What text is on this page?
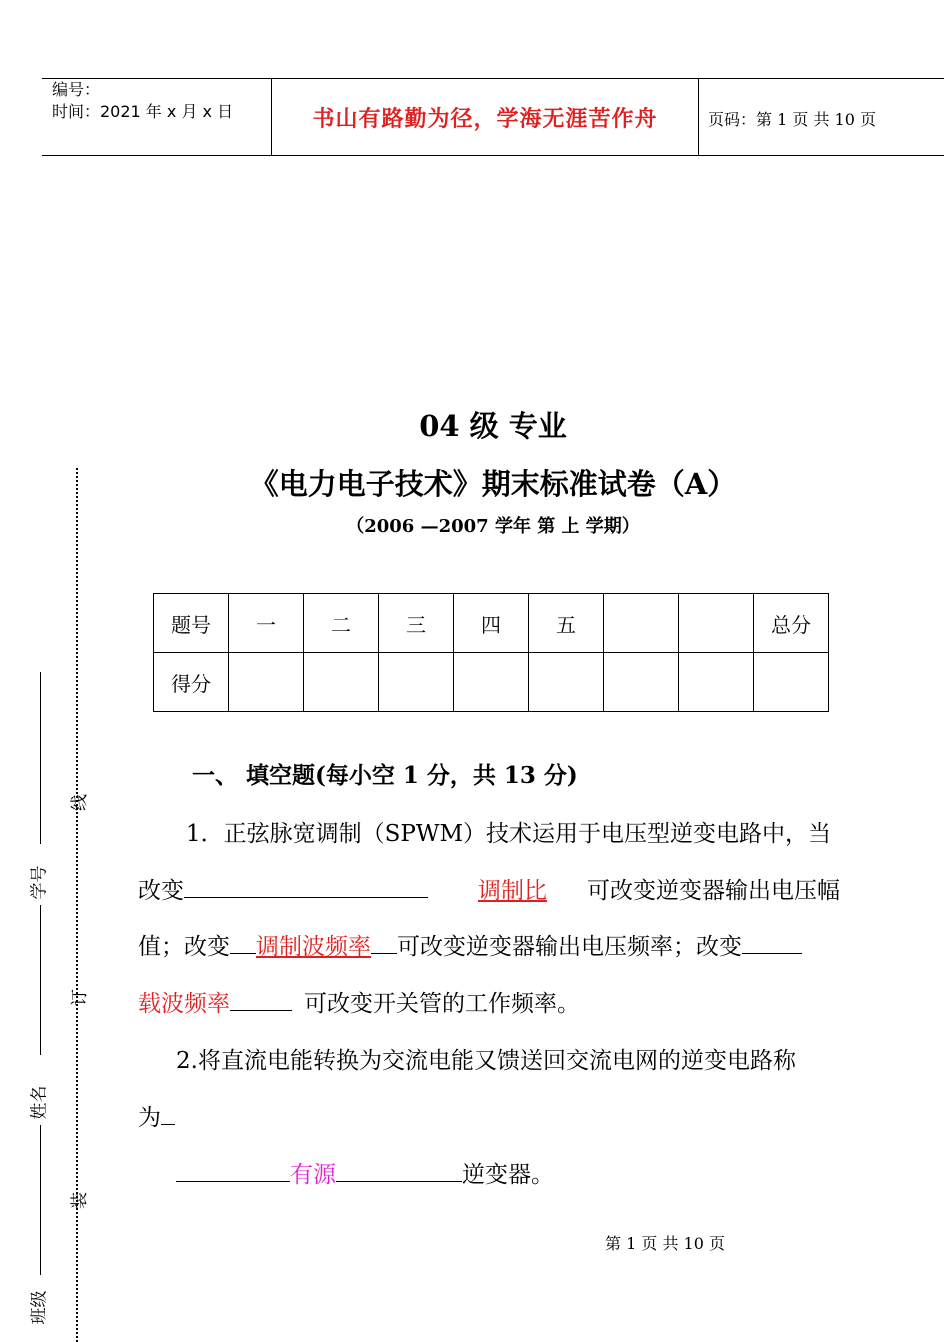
编号：
时间：2021 年 x 月 x 日	书山有路勤为径，学海无涯苦作舟	页码：第 1 页 共 10 页
04 级 专业
《电力电子技术》期末标准试卷（A）
（2006 —2007 学年 第 上 学期）
题号	一	二	三	四	五			总分
得分								
一、 填空题(每小空 1 分，共 13 分)
1．正弦脉宽调制（SPWM）技术运用于电压型逆变电路中，当
改变	调制比 可改变逆变器输出电压幅
值；改变 调制波频率 可改变逆变器输出电压频率；改变
载波频率	可改变开关管的工作频率。
2.将直流电能转换为交流电能又馈送回交流电网的逆变电路称
为
有源	逆变器。
第 1 页 共 10 页
线
订
装
学号
姓名
班级
